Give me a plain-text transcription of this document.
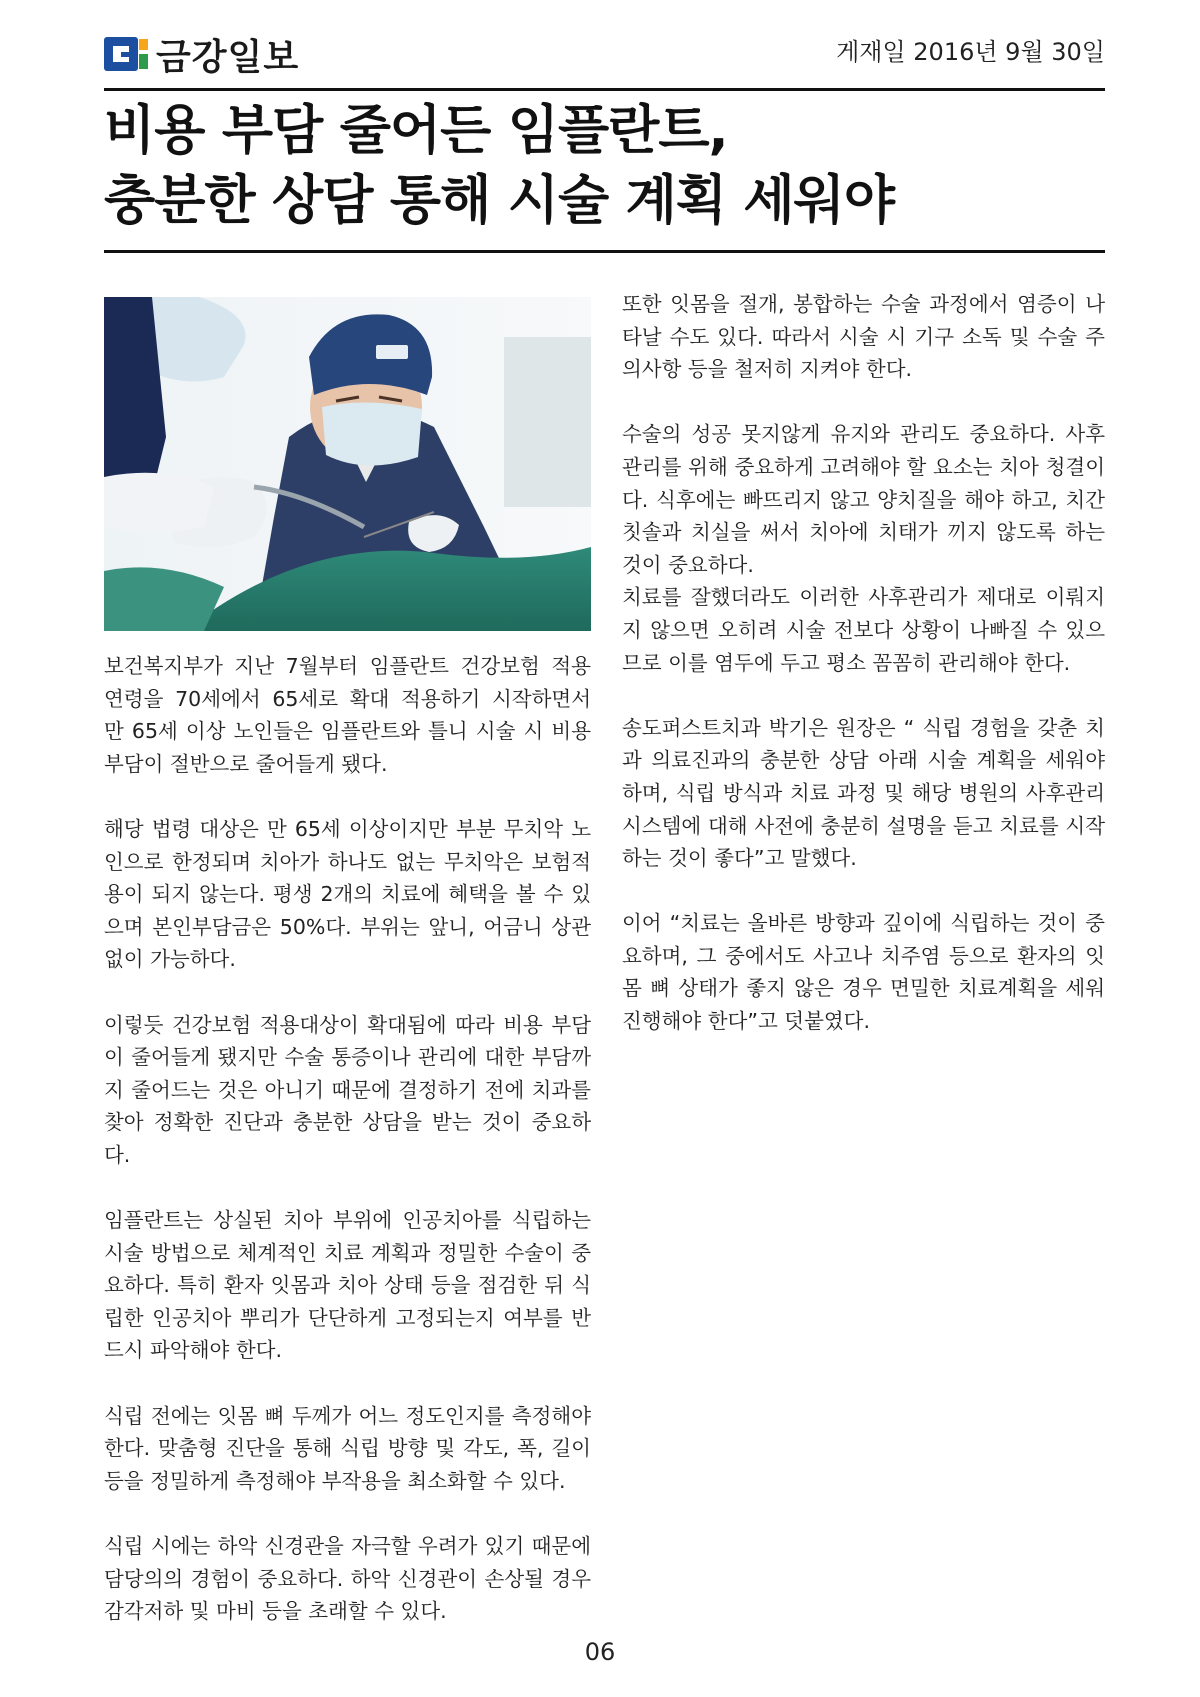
금강일보	게재일 2016년 9월 30일
비용 부담 줄어든 임플란트,
충분한 상담 통해 시술 계획 세워야

보건복지부가 지난 7월부터 임플란트 건강보험 적용 연령을 70세에서 65세로 확대 적용하기 시작하면서 만 65세 이상 노인들은 임플란트와 틀니 시술 시 비용 부담이 절반으로 줄어들게 됐다.

해당 법령 대상은 만 65세 이상이지만 부분 무치악 노인으로 한정되며 치아가 하나도 없는 무치악은 보험적용이 되지 않는다. 평생 2개의 치료에 혜택을 볼 수 있으며 본인부담금은 50%다. 부위는 앞니, 어금니 상관 없이 가능하다.

이렇듯 건강보험 적용대상이 확대됨에 따라 비용 부담이 줄어들게 됐지만 수술 통증이나 관리에 대한 부담까지 줄어드는 것은 아니기 때문에 결정하기 전에 치과를 찾아 정확한 진단과 충분한 상담을 받는 것이 중요하다.

임플란트는 상실된 치아 부위에 인공치아를 식립하는 시술 방법으로 체계적인 치료 계획과 정밀한 수술이 중요하다. 특히 환자 잇몸과 치아 상태 등을 점검한 뒤 식립한 인공치아 뿌리가 단단하게 고정되는지 여부를 반드시 파악해야 한다.

식립 전에는 잇몸 뼈 두께가 어느 정도인지를 측정해야 한다. 맞춤형 진단을 통해 식립 방향 및 각도, 폭, 길이 등을 정밀하게 측정해야 부작용을 최소화할 수 있다.

식립 시에는 하악 신경관을 자극할 우려가 있기 때문에 담당의의 경험이 중요하다. 하악 신경관이 손상될 경우 감각저하 및 마비 등을 초래할 수 있다.

또한 잇몸을 절개, 봉합하는 수술 과정에서 염증이 나타날 수도 있다. 따라서 시술 시 기구 소독 및 수술 주의사항 등을 철저히 지켜야 한다.

수술의 성공 못지않게 유지와 관리도 중요하다. 사후 관리를 위해 중요하게 고려해야 할 요소는 치아 청결이다. 식후에는 빠뜨리지 않고 양치질을 해야 하고, 치간 칫솔과 치실을 써서 치아에 치태가 끼지 않도록 하는 것이 중요하다.

치료를 잘했더라도 이러한 사후관리가 제대로 이뤄지지 않으면 오히려 시술 전보다 상황이 나빠질 수 있으므로 이를 염두에 두고 평소 꼼꼼히 관리해야 한다.

송도퍼스트치과 박기은 원장은 “ 식립 경험을 갖춘 치과 의료진과의 충분한 상담 아래 시술 계획을 세워야 하며, 식립 방식과 치료 과정 및 해당 병원의 사후관리시스템에 대해 사전에 충분히 설명을 듣고 치료를 시작하는 것이 좋다”고 말했다.

이어 “치료는 올바른 방향과 깊이에 식립하는 것이 중요하며, 그 중에서도 사고나 치주염 등으로 환자의 잇몸 뼈 상태가 좋지 않은 경우 면밀한 치료계획을 세워 진행해야 한다”고 덧붙였다.

06
